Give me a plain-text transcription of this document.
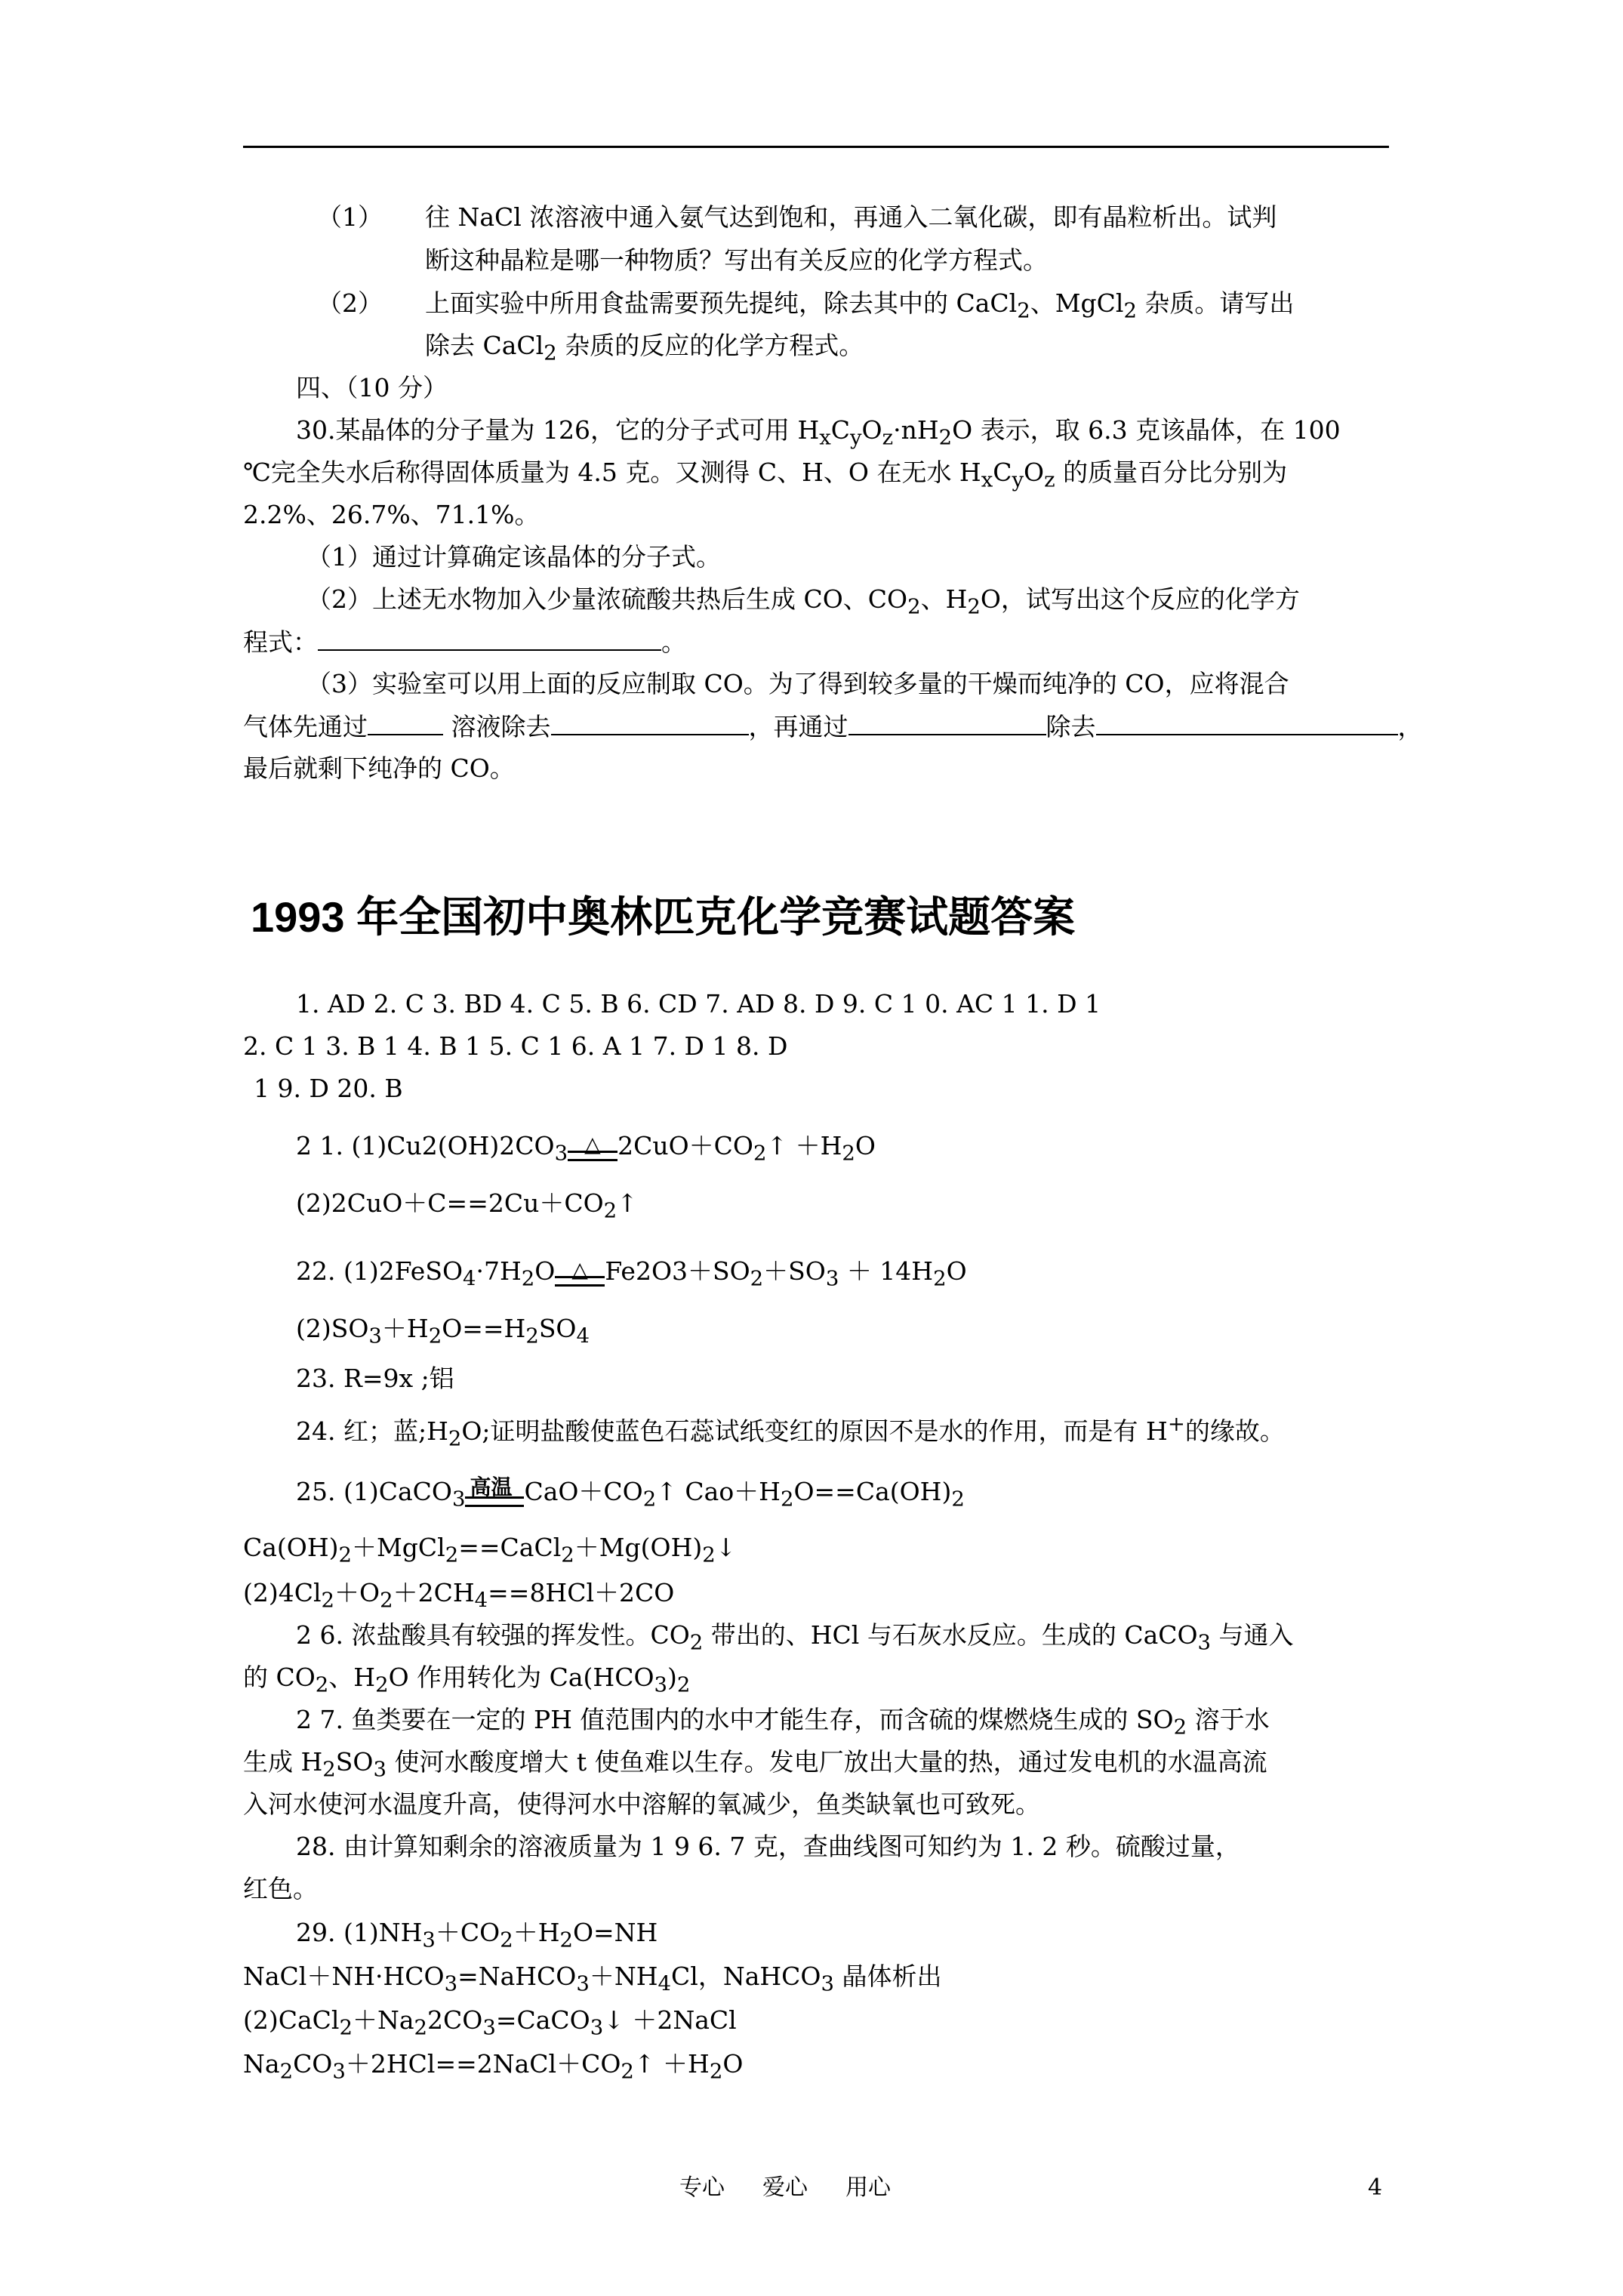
（1） 往 NaCl 浓溶液中通入氨气达到饱和，再通入二氧化碳，即有晶粒析出。试判
断这种晶粒是哪一种物质？写出有关反应的化学方程式。
（2） 上面实验中所用食盐需要预先提纯，除去其中的 CaCl$_2$、MgCl$_2$ 杂质。请写出
除去 CaCl$_2$ 杂质的反应的化学方程式。
四、（10 分）
30.某晶体的分子量为 126，它的分子式可用 $H_xC_yO_z\cdot nH_2O$ 表示，取 6.3 克该晶体，在 100
℃完全失水后称得固体质量为 4.5 克。又测得 C、H、O 在无水 $H_xC_yO_z$ 的质量百分比分别为
2.2%、26.7%、71.1%。
（1）通过计算确定该晶体的分子式。
（2）上述无水物加入少量浓硫酸共热后生成 CO、$CO_2$、$H_2O$，试写出这个反应的化学方
程式：	。
（3）实验室可以用上面的反应制取 CO。为了得到较多量的干燥而纯净的 CO，应将混合
气体先通过	溶液除去	，再通过	除去	，
最后就剩下纯净的 CO。
1993 年全国初中奥林匹克化学竞赛试题答案
1. AD 2. C 3. BD 4. C 5. B 6. CD 7. AD 8. D 9. C 1 0. AC 1 1. D 1
2. C 1 3. B 1 4. B 1 5. C 1 6. A 1 7. D 1 8. D
1 9. D 20. B
2 1. $(1)Cu2(OH)2CO_3$ △ $2CuO+CO_2↑ +H_2O$
$(2)2CuO+C==2Cu+CO_2↑$
22. $(1)2FeSO_4\cdot 7H_2O$ △ $Fe2O3+SO_2+SO_3 + 14H_2O$
$(2)SO_3+H_2O==H_2SO_4$
23. R=9x ;铝
24. 红；蓝$;H_2O$;证明盐酸使蓝色石蕊试纸变红的原因不是水的作用，而是有 H+的缘故。
25. (1)CaCO$_3$ 高温 $CaO+CO_2↑$ $Cao+H_2O==Ca(OH)_2$
$Ca(OH)_2+MgCl_2==CaCl_2+Mg(OH)_2↓$
$(2)4Cl_2+O_2+2CH_4==8HCl+2CO$
2 6. 浓盐酸具有较强的挥发性。$CO_2$ 带出的、HCl 与石灰水反应。生成的 CaCO$_3$ 与通入
的 $CO_2$、$H_2O$ 作用转化为 $Ca(HCO_3)_2$
2 7. 鱼类要在一定的 PH 值范围内的水中才能生存，而含硫的煤燃烧生成的 $SO_2$ 溶于水
生成 $H_2SO_3$ 使河水酸度增大 t 使鱼难以生存。发电厂放出大量的热，通过发电机的水温高流
入河水使河水温度升高，使得河水中溶解的氧减少，鱼类缺氧也可致死。
28. 由计算知剩余的溶液质量为 1 9 6. 7 克，查曲线图可知约为 1. 2 秒。硫酸过量，
红色。
29. $(1)NH_3+CO_2+H_2O=NH$
$NaCl+NH\cdot HCO_3=NaHCO_3+NH_4Cl$，NaHCO$_3$ 晶体析出
$(2)CaCl_2+Na_22CO_3=CaCO_3↓$ ＋2NaCl
$Na_2CO_3+2HCl==2NaCl+CO_2↑ +H_2O$
专心 爱心 用心	4
